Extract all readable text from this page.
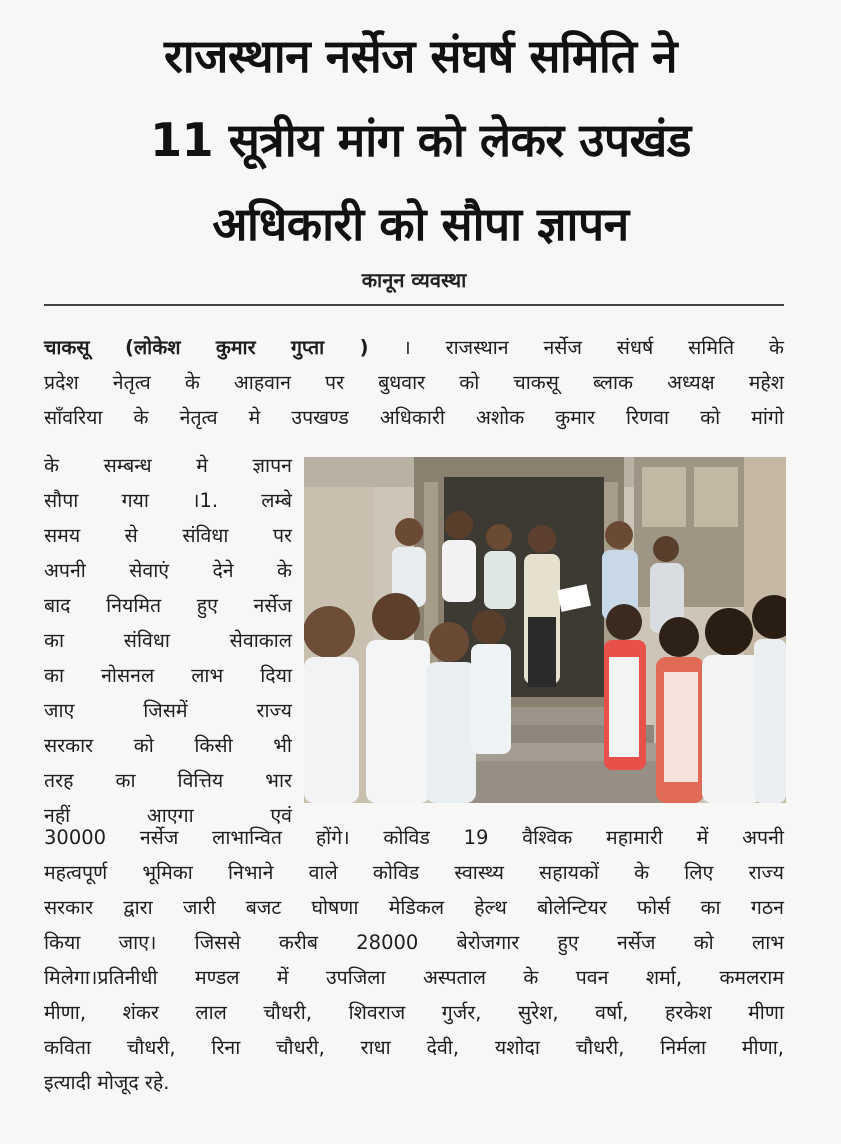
राजस्थान नर्सेज संघर्ष समिति ने
11 सूत्रीय मांग को लेकर उपखंड
अधिकारी को सौपा ज्ञापन
कानून व्यवस्था
चाकसू (लोकेश कुमार गुप्ता ) । राजस्थान नर्सेज संधर्ष समिति के
प्रदेश नेतृत्व के आहवान पर बुधवार को चाकसू ब्लाक अध्यक्ष महेश
साँवरिया के नेतृत्व मे उपखण्ड अधिकारी अशोक कुमार रिणवा को मांगो
के सम्बन्ध मे ज्ञापन
सौपा गया ।1. लम्बे
समय से संविधा पर
अपनी सेवाएं देने के
बाद नियमित हुए नर्सेज
का संविधा सेवाकाल
का नोसनल लाभ दिया
जाए जिसमें राज्य
सरकार को किसी भी
तरह का वित्तिय भार
नहीं आएगा एवं
30000 नर्सेज लाभान्वित होंगे। कोविड 19 वैश्विक महामारी में अपनी
महत्वपूर्ण भूमिका निभाने वाले कोविड स्वास्थ्य सहायकों के लिए राज्य
सरकार द्वारा जारी बजट घोषणा मेडिकल हेल्थ बोलेन्टियर फोर्स का गठन
किया जाए। जिससे करीब 28000 बेरोजगार हुए नर्सेज को लाभ
मिलेगा।प्रतिनीधी मण्डल में उपजिला अस्पताल के पवन शर्मा, कमलराम
मीणा, शंकर लाल चौधरी, शिवराज गुर्जर, सुरेश, वर्षा, हरकेश मीणा
कविता चौधरी, रिना चौधरी, राधा देवी, यशोदा चौधरी, निर्मला मीणा,
इत्यादी मोजूद रहे.
